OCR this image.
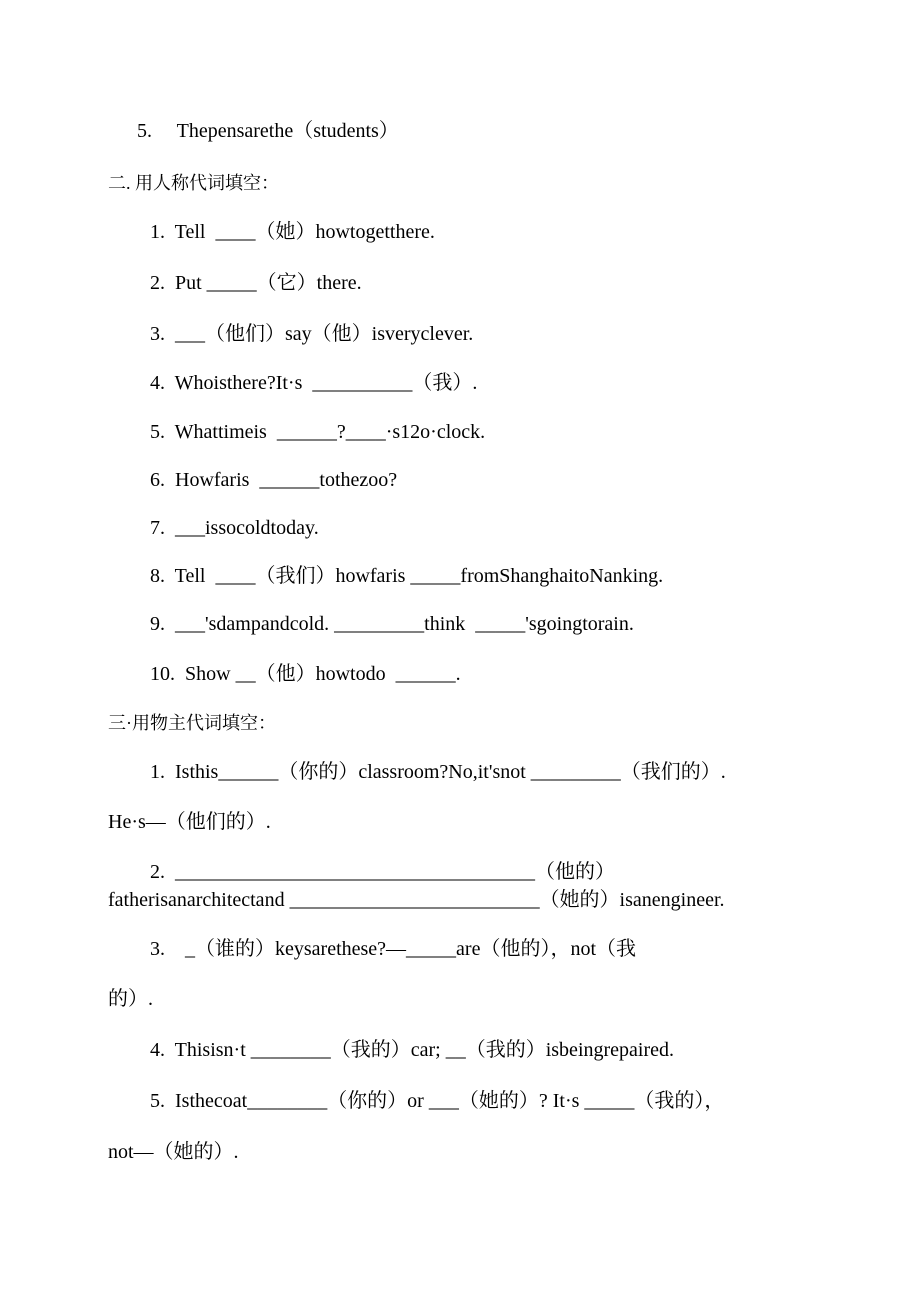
5.     Thepensarethe（students）
二. 用人称代词填空：
1.  Tell  ____（她）howtogetthere.
2.  Put _____（它）there.
3.  ___（他们）say（他）isveryclever.
4.  Whoisthere?It·s  __________（我）.
5.  Whattimeis  ______?____·s12o·clock.
6.  Howfaris  ______tothezoo?
7.  ___issocoldtoday.
8.  Tell  ____（我们）howfaris _____fromShanghaitoNanking.
9.  ___'sdampandcold. _________think  _____'sgoingtorain.
10.  Show __（他）howtodo  ______.
三·用物主代词填空：
1.  Isthis______（你的）classroom?No,it'snot _________（我们的）.
He·s—（他们的）.
2.  ____________________________________（他的）
fatherisanarchitectand _________________________（她的）isanengineer.
3.    _（谁的）keysarethese?—_____are（他的），not（我
的）.
4.  Thisisn·t ________（我的）car; __（我的）isbeingrepaired.
5.  Isthecoat________（你的）or ___（她的）? It·s _____（我的），
not—（她的）.
